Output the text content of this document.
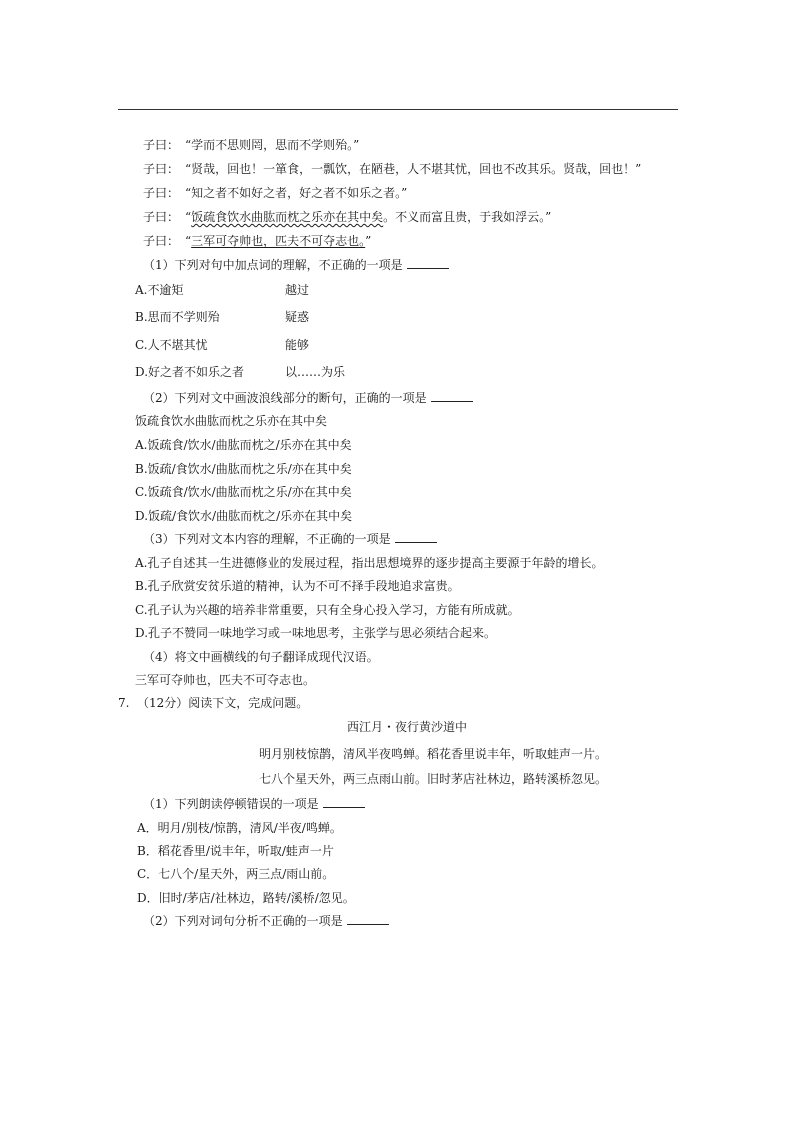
子曰： “学而不思则罔，思而不学则殆。”
子曰： “贤哉，回也！一箪食，一瓢饮，在陋巷，人不堪其忧，回也不改其乐。贤哉，回也！”
子曰： “知之者不如好之者，好之者不如乐之者。”
子曰： “饭疏食饮水曲肱而枕之乐亦在其中矣。不义而富且贵，于我如浮云。”
子曰： “三军可夺帅也，匹夫不可夺志也。”
（1）下列对句中加点词的理解，不正确的一项是
A.不逾矩	越过
B.思而不学则殆	疑惑
C.人不堪其忧	能够
D.好之者不如乐之者	以……为乐
（2）下列对文中画波浪线部分的断句，正确的一项是
饭疏食饮水曲肱而枕之乐亦在其中矣
A.饭疏食/饮水/曲肱而枕之/乐亦在其中矣
B.饭疏/食饮水/曲肱而枕之乐/亦在其中矣
C.饭疏食/饮水/曲肱而枕之乐/亦在其中矣
D.饭疏/食饮水/曲肱而枕之/乐亦在其中矣
（3）下列对文本内容的理解，不正确的一项是
A.孔子自述其一生进德修业的发展过程，指出思想境界的逐步提高主要源于年龄的增长。
B.孔子欣赏安贫乐道的精神，认为不可不择手段地追求富贵。
C.孔子认为兴趣的培养非常重要，只有全身心投入学习，方能有所成就。
D.孔子不赞同一味地学习或一味地思考，主张学与思必须结合起来。
（4）将文中画横线的句子翻译成现代汉语。
三军可夺帅也，匹夫不可夺志也。
7. （12分）阅读下文，完成问题。
西江月・夜行黄沙道中
明月别枝惊鹊，清风半夜鸣蝉。稻花香里说丰年，听取蛙声一片。
七八个星天外，两三点雨山前。旧时茅店社林边，路转溪桥忽见。
（1）下列朗读停顿错误的一项是
A．明月/别枝/惊鹊，清风/半夜/鸣蝉。
B．稻花香里/说丰年，听取/蛙声一片
C．七八个/星天外，两三点/雨山前。
D．旧时/茅店/社林边，路转/溪桥/忽见。
（2）下列对词句分析不正确的一项是
